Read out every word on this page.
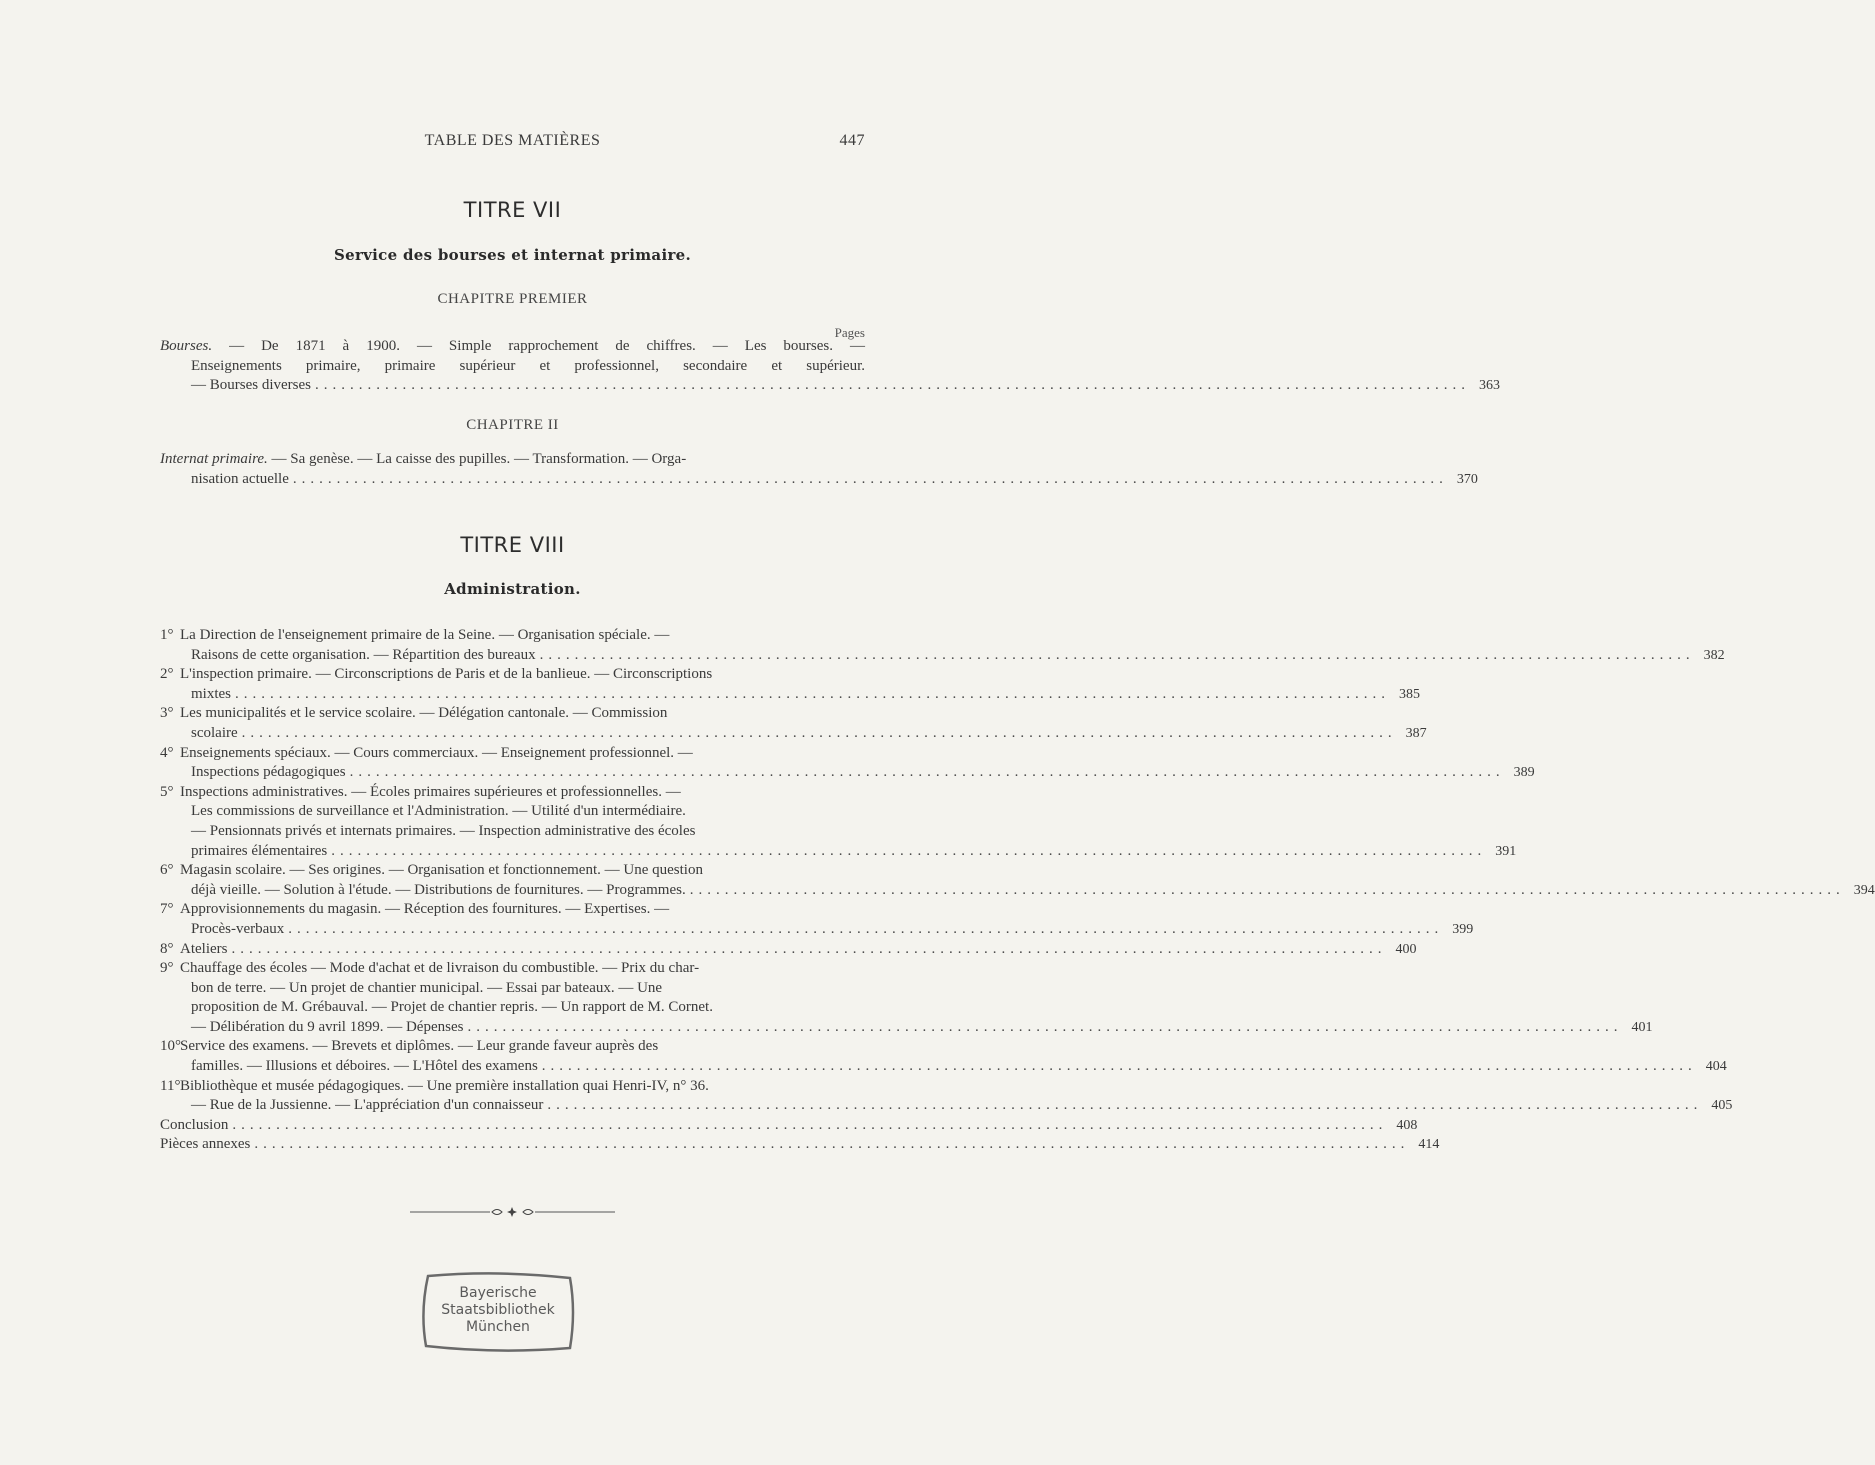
TABLE DES MATIÈRES	447
TITRE VII
Service des bourses et internat primaire.
CHAPITRE PREMIER
Pages
Bourses. — De 1871 à 1900. — Simple rapprochement de chiffres. — Les bourses. —
Enseignements primaire, primaire supérieur et professionnel, secondaire et supérieur.
— Bourses diverses .................................................................................................................................... 363
CHAPITRE II
Internat primaire. — Sa genèse. — La caisse des pupilles. — Transformation. — Orga-
nisation actuelle .................................................................................................................................... 370
TITRE VIII
Administration.
1° La Direction de l'enseignement primaire de la Seine. — Organisation spéciale. —
Raisons de cette organisation. — Répartition des bureaux .................................................................................................................................... 382
2° L'inspection primaire. — Circonscriptions de Paris et de la banlieue. — Circonscriptions
mixtes .................................................................................................................................... 385
3° Les municipalités et le service scolaire. — Délégation cantonale. — Commission
scolaire .................................................................................................................................... 387
4° Enseignements spéciaux. — Cours commerciaux. — Enseignement professionnel. —
Inspections pédagogiques .................................................................................................................................... 389
5° Inspections administratives. — Écoles primaires supérieures et professionnelles. —
Les commissions de surveillance et l'Administration. — Utilité d'un intermédiaire.
— Pensionnats privés et internats primaires. — Inspection administrative des écoles
primaires élémentaires .................................................................................................................................... 391
6° Magasin scolaire. — Ses origines. — Organisation et fonctionnement. — Une question
déjà vieille. — Solution à l'étude. — Distributions de fournitures. — Programmes. .................................................................................................................................... 394
7° Approvisionnements du magasin. — Réception des fournitures. — Expertises. —
Procès-verbaux .................................................................................................................................... 399
8° Ateliers .................................................................................................................................... 400
9° Chauffage des écoles — Mode d'achat et de livraison du combustible. — Prix du char-
bon de terre. — Un projet de chantier municipal. — Essai par bateaux. — Une
proposition de M. Grébauval. — Projet de chantier repris. — Un rapport de M. Cornet.
— Délibération du 9 avril 1899. — Dépenses .................................................................................................................................... 401
10°Service des examens. — Brevets et diplômes. — Leur grande faveur auprès des
familles. — Illusions et déboires. — L'Hôtel des examens .................................................................................................................................... 404
11°Bibliothèque et musée pédagogiques. — Une première installation quai Henri-IV, n° 36.
— Rue de la Jussienne. — L'appréciation d'un connaisseur .................................................................................................................................... 405
Conclusion .................................................................................................................................... 408
Pièces annexes .................................................................................................................................... 414
Bayerische
Staatsbibliothek
München
